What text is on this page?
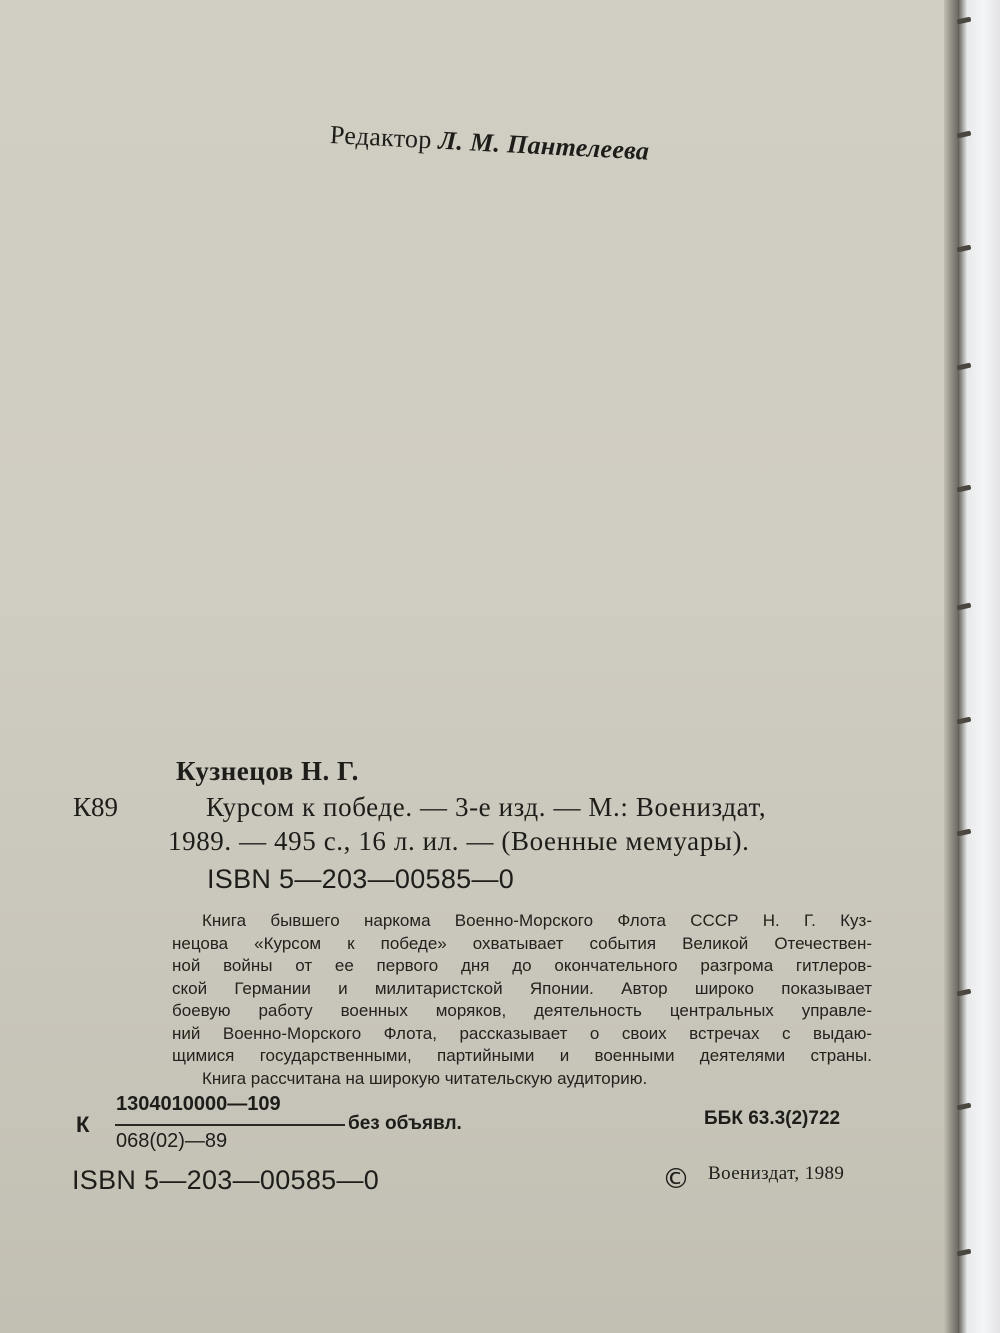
Редактор Л. М. Пантелеева

Кузнецов Н. Г.

К89	Курсом к победе. — 3-е изд. — М.: Воениздат,

1989. — 495 с., 16 л. ил. — (Военные мемуары).

ISBN 5—203—00585—0

Книга бывшего наркома Военно-Морского Флота СССР Н. Г. Куз-
нецова «Курсом к победе» охватывает события Великой Отечествен-
ной войны от ее первого дня до окончательного разгрома гитлеров-
ской Германии и милитаристской Японии. Автор широко показывает
боевую работу военных моряков, деятельность центральных управле-
ний Военно-Морского Флота, рассказывает о своих встречах с выдаю-
щимися государственными, партийными и военными деятелями страны.
Книга рассчитана на широкую читательскую аудиторию.

К

1304010000—109

068(02)—89

без объявл.	ББК 63.3(2)722

ISBN 5—203—00585—0	© Воениздат, 1989
